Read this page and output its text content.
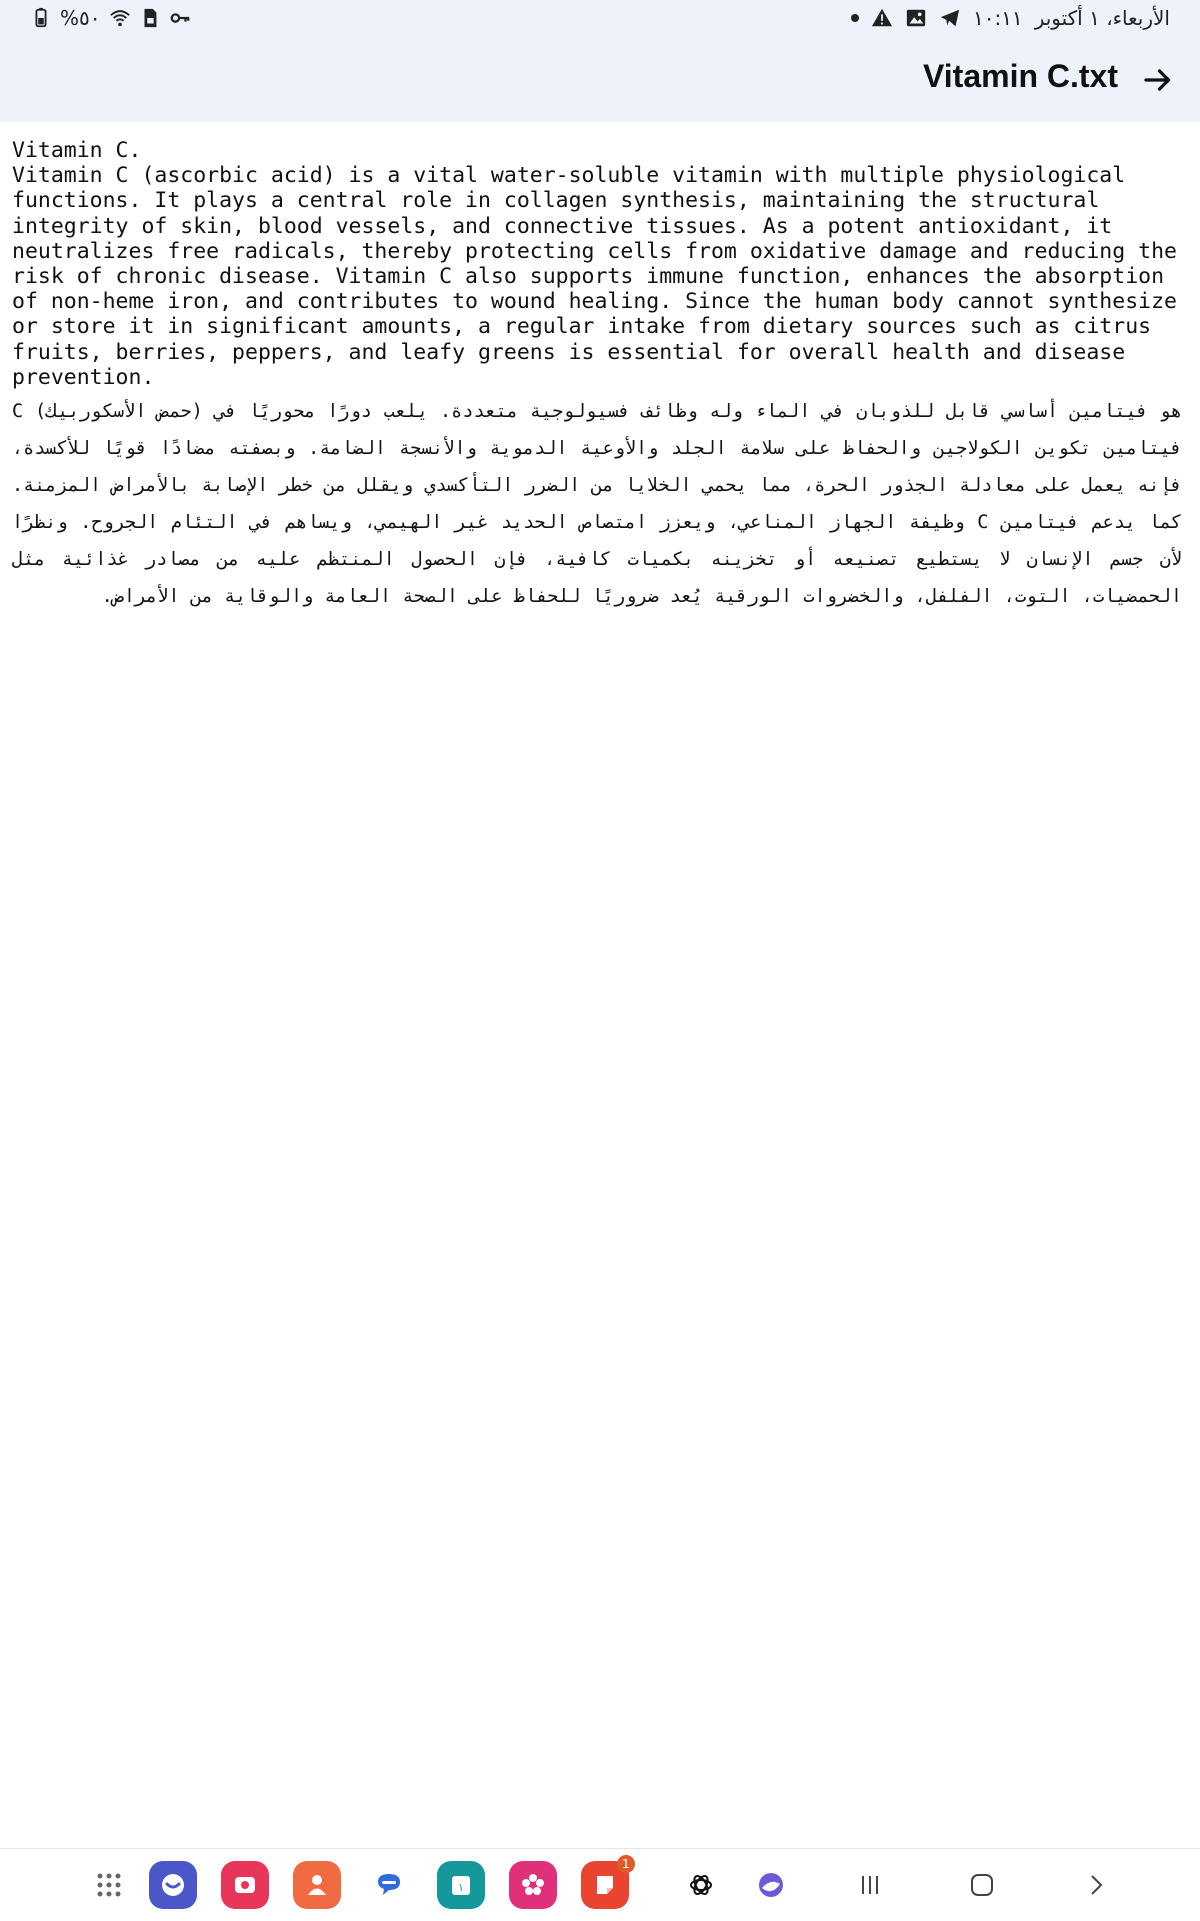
%٥٠	١٠:١١ الأربعاء، ١ أكتوبر
Vitamin C.txt
Vitamin C.
Vitamin C (ascorbic acid) is a vital water-soluble vitamin with multiple physiological functions. It plays a central role in collagen synthesis, maintaining the structural integrity of skin, blood vessels, and connective tissues. As a potent antioxidant, it neutralizes free radicals, thereby protecting cells from oxidative damage and reducing the risk of chronic disease. Vitamin C also supports immune function, enhances the absorption of non-heme iron, and contributes to wound healing. Since the human body cannot synthesize or store it in significant amounts, a regular intake from dietary sources such as citrus fruits, berries, peppers, and leafy greens is essential for overall health and disease prevention.
هو فيتامين أساسي قابل للذوبان في الماء وله وظائف فسيولوجية متعددة. يلعب دورًا محوريًا في (حمض الأسكوربيك) C فيتامين تكوين الكولاجين والحفاظ على سلامة الجلد والأوعية الدموية والأنسجة الضامة. وبصفته مضادًا قويًا للأكسدة، فإنه يعمل على معادلة الجذور الحرة، مما يحمي الخلايا من الضرر التأكسدي ويقلل من خطر الإصابة بالأمراض المزمنة. كما يدعم فيتامين C وظيفة الجهاز المناعي، ويعزز امتصاص الحديد غير الهيمي، ويساهم في التئام الجروح. ونظرًا لأن جسم الإنسان لا يستطيع تصنيعه أو تخزينه بكميات كافية، فإن الحصول المنتظم عليه من مصادر غذائية مثل الحمضيات، التوت، الفلفل، والخضروات الورقية يُعد ضروريًا للحفاظ على الصحة العامة والوقاية من الأمراض.
١
1
